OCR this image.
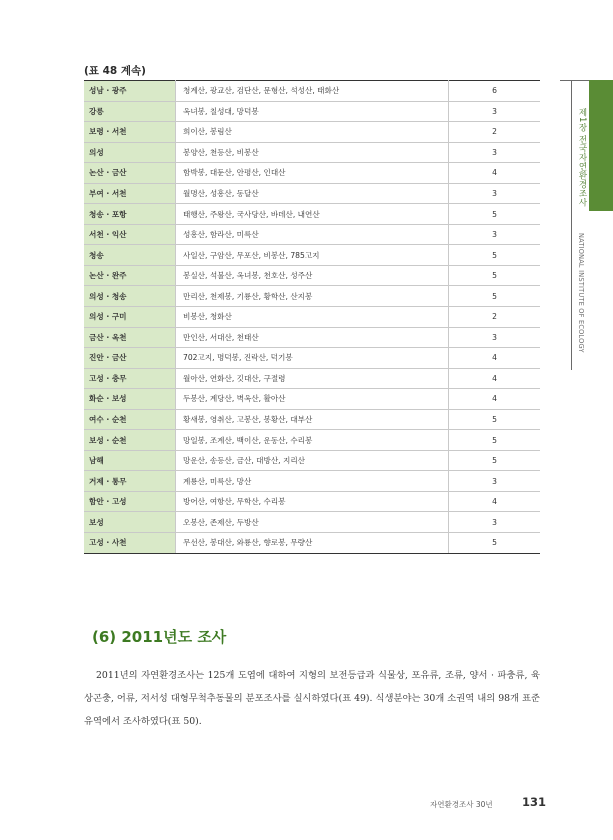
(표 48 계속)
성남 · 광주	청계산, 광교산, 검단산, 문형산, 석성산, 태화산	6
강릉	옥녀봉, 칠성대, 망덕봉	3
보령 · 서천	희이산, 봉림산	2
의성	봉양산, 천등산, 비봉산	3
논산 · 금산	함박봉, 대둔산, 안평산, 인대산	4
부여 · 서천	월명산, 성흥산, 동달산	3
청송 · 포항	태행산, 주왕산, 국사당산, 바데산, 내연산	5
서천 · 익산	성흥산, 함라산, 미륵산	3
청송	사일산, 구암산, 무포산, 비봉산, 785고지	5
논산 · 완주	봉실산, 석불산, 옥녀봉, 천호산, 성주산	5
의성 · 청송	만리산, 천제봉, 기룡산, 황학산, 산지봉	5
의성 · 구미	비봉산, 청화산	2
금산 · 옥천	만인산, 서대산, 천태산	3
진안 · 금산	702고지, 명덕봉, 진락산, 덕기봉	4
고성 · 충무	월아산, 연화산, 깃대산, 구절령	4
화순 · 보성	두봉산, 계당산, 벽옥산, 활아산	4
여수 · 순천	황새봉, 영취산, 고봉산, 봉황산, 대부산	5
보성 · 순천	망일봉, 조계산, 백이산, 운동산, 수리봉	5
남해	망운산, 송등산, 금산, 대방산, 지리산	5
거제 · 통무	계룡산, 미륵산, 망산	3
함안 · 고성	방어산, 여항산, 무학산, 수리봉	4
보성	오봉산, 존제산, 두방산	3
고성 · 사천	무선산, 봉대산, 와룡산, 향로봉, 무량산	5
제1장 전국자연환경조사
NATIONAL INSTITUTE OF ECOLOGY
(6) 2011년도 조사

2011년의 자연환경조사는 125개 도엽에 대하여 지형의 보전등급과 식물상, 포유류, 조류, 양서 · 파충류, 육상곤충, 어류, 저서성 대형무척추동물의 분포조사를 실시하였다(표 49). 식생분야는 30개 소권역 내의 98개 표준유역에서 조사하였다(표 50).

자연환경조사 30년	131
